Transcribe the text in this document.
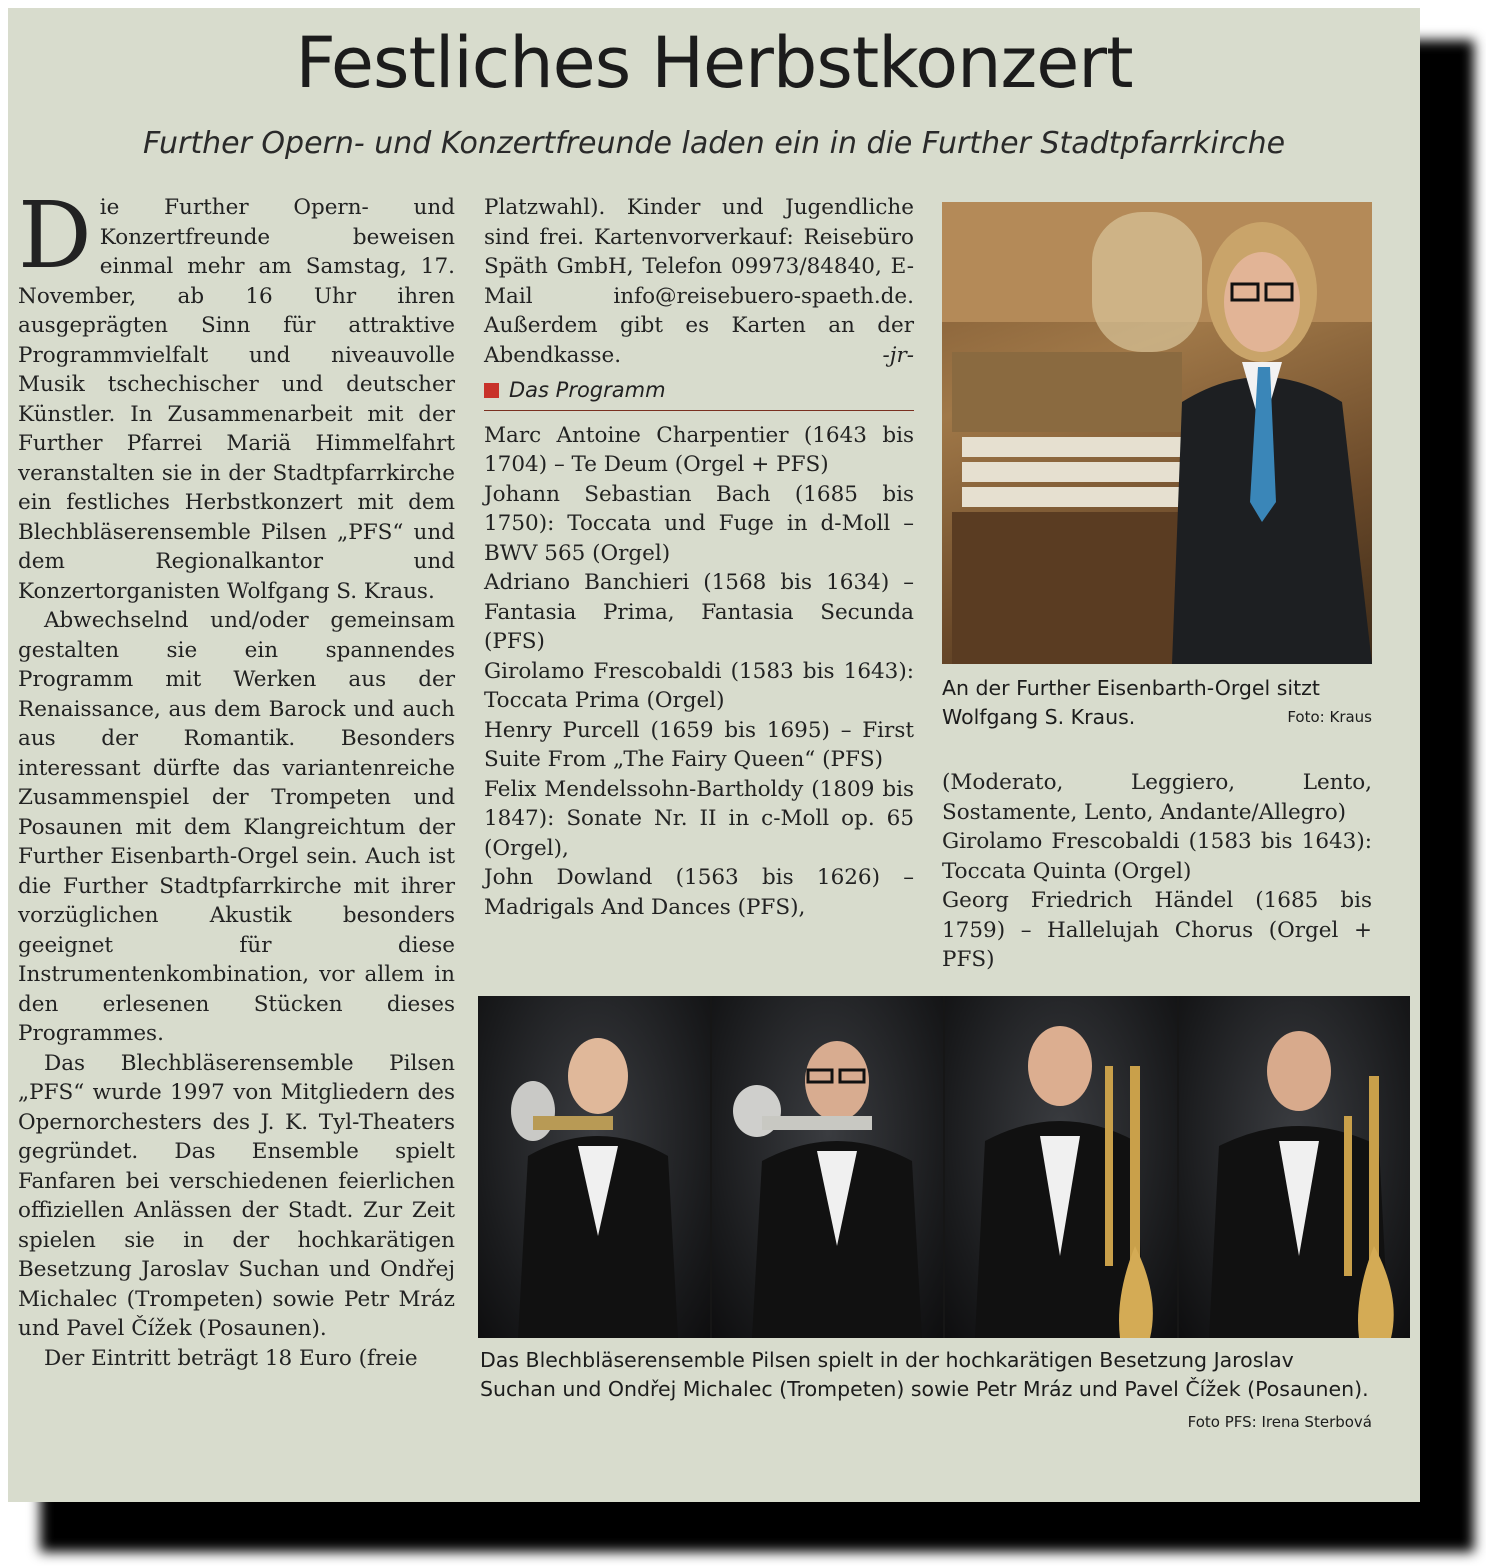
Festliches Herbstkonzert
Further Opern- und Konzertfreunde laden ein in die Further Stadtpfarrkirche

Die Further Opern- und Konzertfreunde beweisen einmal mehr am Samstag, 17. November, ab 16 Uhr ihren ausgeprägten Sinn für attraktive Programmvielfalt und niveauvolle Musik tschechischer und deutscher Künstler. In Zusammenarbeit mit der Further Pfarrei Mariä Himmelfahrt veranstalten sie in der Stadtpfarrkirche ein festliches Herbstkonzert mit dem Blechbläserensemble Pilsen „PFS“ und dem Regionalkantor und Konzertorganisten Wolfgang S. Kraus.

Abwechselnd und/oder gemeinsam gestalten sie ein spannendes Programm mit Werken aus der Renaissance, aus dem Barock und auch aus der Romantik. Besonders interessant dürfte das variantenreiche Zusammenspiel der Trompeten und Posaunen mit dem Klangreichtum der Further Eisenbarth-Orgel sein. Auch ist die Further Stadtpfarrkirche mit ihrer vorzüglichen Akustik besonders geeignet für diese Instrumentenkombination, vor allem in den erlesenen Stücken dieses Programmes.

Das Blechbläserensemble Pilsen „PFS“ wurde 1997 von Mitgliedern des Opernorchesters des J. K. Tyl-Theaters gegründet. Das Ensemble spielt Fanfaren bei verschiedenen feierlichen offiziellen Anlässen der Stadt. Zur Zeit spielen sie in der hochkarätigen Besetzung Jaroslav Suchan und Ondřej Michalec (Trompeten) sowie Petr Mráz und Pavel Čížek (Posaunen).

Der Eintritt beträgt 18 Euro (freie

Platzwahl). Kinder und Jugendliche sind frei. Kartenvorverkauf: Reisebüro Späth GmbH, Telefon 09973/84840, E-Mail info@reisebuero-spaeth.de. Außerdem gibt es Karten an der Abendkasse.	-jr-

Das Programm

Marc Antoine Charpentier (1643 bis 1704) – Te Deum (Orgel + PFS)

Johann Sebastian Bach (1685 bis 1750): Toccata und Fuge in d-Moll – BWV 565 (Orgel)

Adriano Banchieri (1568 bis 1634) – Fantasia Prima, Fantasia Secunda (PFS)

Girolamo Frescobaldi (1583 bis 1643): Toccata Prima (Orgel)

Henry Purcell (1659 bis 1695) – First Suite From „The Fairy Queen“ (PFS)

Felix Mendelssohn-Bartholdy (1809 bis 1847): Sonate Nr. II in c-Moll op. 65 (Orgel),

John Dowland (1563 bis 1626) – Madrigals And Dances (PFS),

An der Further Eisenbarth-Orgel sitzt Wolfgang S. Kraus.	Foto: Kraus

(Moderato, Leggiero, Lento, Sostamente, Lento, Andante/Allegro)

Girolamo Frescobaldi (1583 bis 1643): Toccata Quinta (Orgel)

Georg Friedrich Händel (1685 bis 1759) – Hallelujah Chorus (Orgel + PFS)

Das Blechbläserensemble Pilsen spielt in der hochkarätigen Besetzung Jaroslav Suchan und Ondřej Michalec (Trompeten) sowie Petr Mráz und Pavel Čížek (Posaunen).
Foto PFS: Irena Sterbová
